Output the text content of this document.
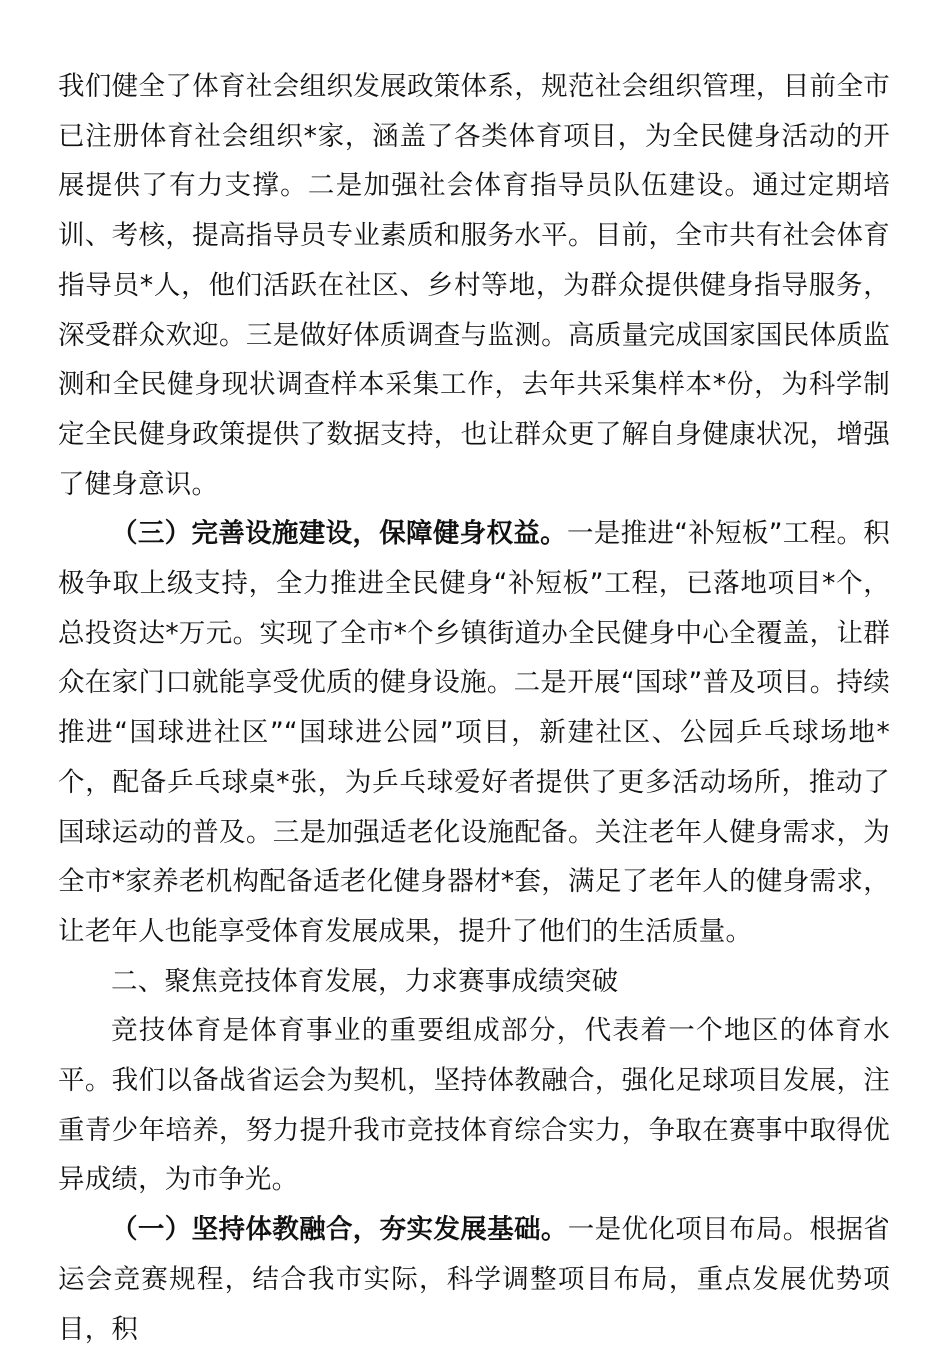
我们健全了体育社会组织发展政策体系，规范社会组织管理，目前全市已注册体育社会组织*家，涵盖了各类体育项目，为全民健身活动的开展提供了有力支撑。二是加强社会体育指导员队伍建设。通过定期培训、考核，提高指导员专业素质和服务水平。目前，全市共有社会体育指导员*人，他们活跃在社区、乡村等地，为群众提供健身指导服务，深受群众欢迎。三是做好体质调查与监测。高质量完成国家国民体质监测和全民健身现状调查样本采集工作，去年共采集样本*份，为科学制定全民健身政策提供了数据支持，也让群众更了解自身健康状况，增强了健身意识。

（三）完善设施建设，保障健身权益。一是推进“补短板”工程。积极争取上级支持，全力推进全民健身“补短板”工程，已落地项目*个，总投资达*万元。实现了全市*个乡镇街道办全民健身中心全覆盖，让群众在家门口就能享受优质的健身设施。二是开展“国球”普及项目。持续推进“国球进社区”“国球进公园”项目，新建社区、公园乒乓球场地*个，配备乒乓球桌*张，为乒乓球爱好者提供了更多活动场所，推动了国球运动的普及。三是加强适老化设施配备。关注老年人健身需求，为全市*家养老机构配备适老化健身器材*套，满足了老年人的健身需求，让老年人也能享受体育发展成果，提升了他们的生活质量。

二、聚焦竞技体育发展，力求赛事成绩突破

竞技体育是体育事业的重要组成部分，代表着一个地区的体育水平。我们以备战省运会为契机，坚持体教融合，强化足球项目发展，注重青少年培养，努力提升我市竞技体育综合实力，争取在赛事中取得优异成绩，为市争光。

（一）坚持体教融合，夯实发展基础。一是优化项目布局。根据省运会竞赛规程，结合我市实际，科学调整项目布局，重点发展优势项目，积
